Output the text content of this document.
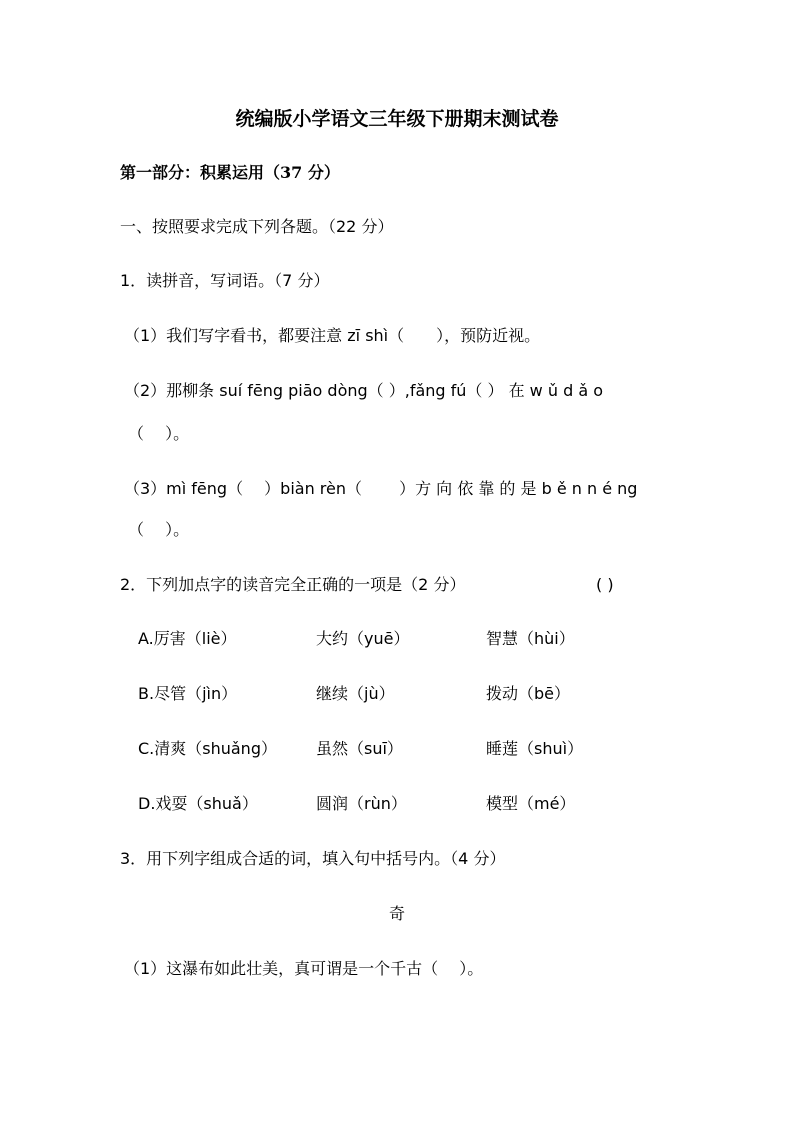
统编版小学语文三年级下册期末测试卷
第一部分：积累运用（37 分）
一、按照要求完成下列各题。（22 分）
1．读拼音，写词语。（7 分）
（1）我们写字看书，都要注意 zī shì（　　），预防近视。
（2）那柳条 suí fēng piāo dòng（ ）,fǎng fú（ ） 在 w ǔ d ǎ o
（　 ）。
（3）mì fēng（　 ）biàn rèn（　　 ）方 向 依 靠 的 是 b ě n n é ng
（　 ）。
2．下列加点字的读音完全正确的一项是（2 分）	( )
A.厉害（liè）	大约（yuē）	智慧（hùi）
B.尽管（jìn）	继续（jù）	拨动（bē）
C.清爽（shuǎng） 虽然（suī）	睡莲（shuì）
D.戏耍（shuǎ）	圆润（rùn）	模型（mé）
3．用下列字组成合适的词，填入句中括号内。（4 分）
奇
（1）这瀑布如此壮美，真可谓是一个千古（　 ）。
